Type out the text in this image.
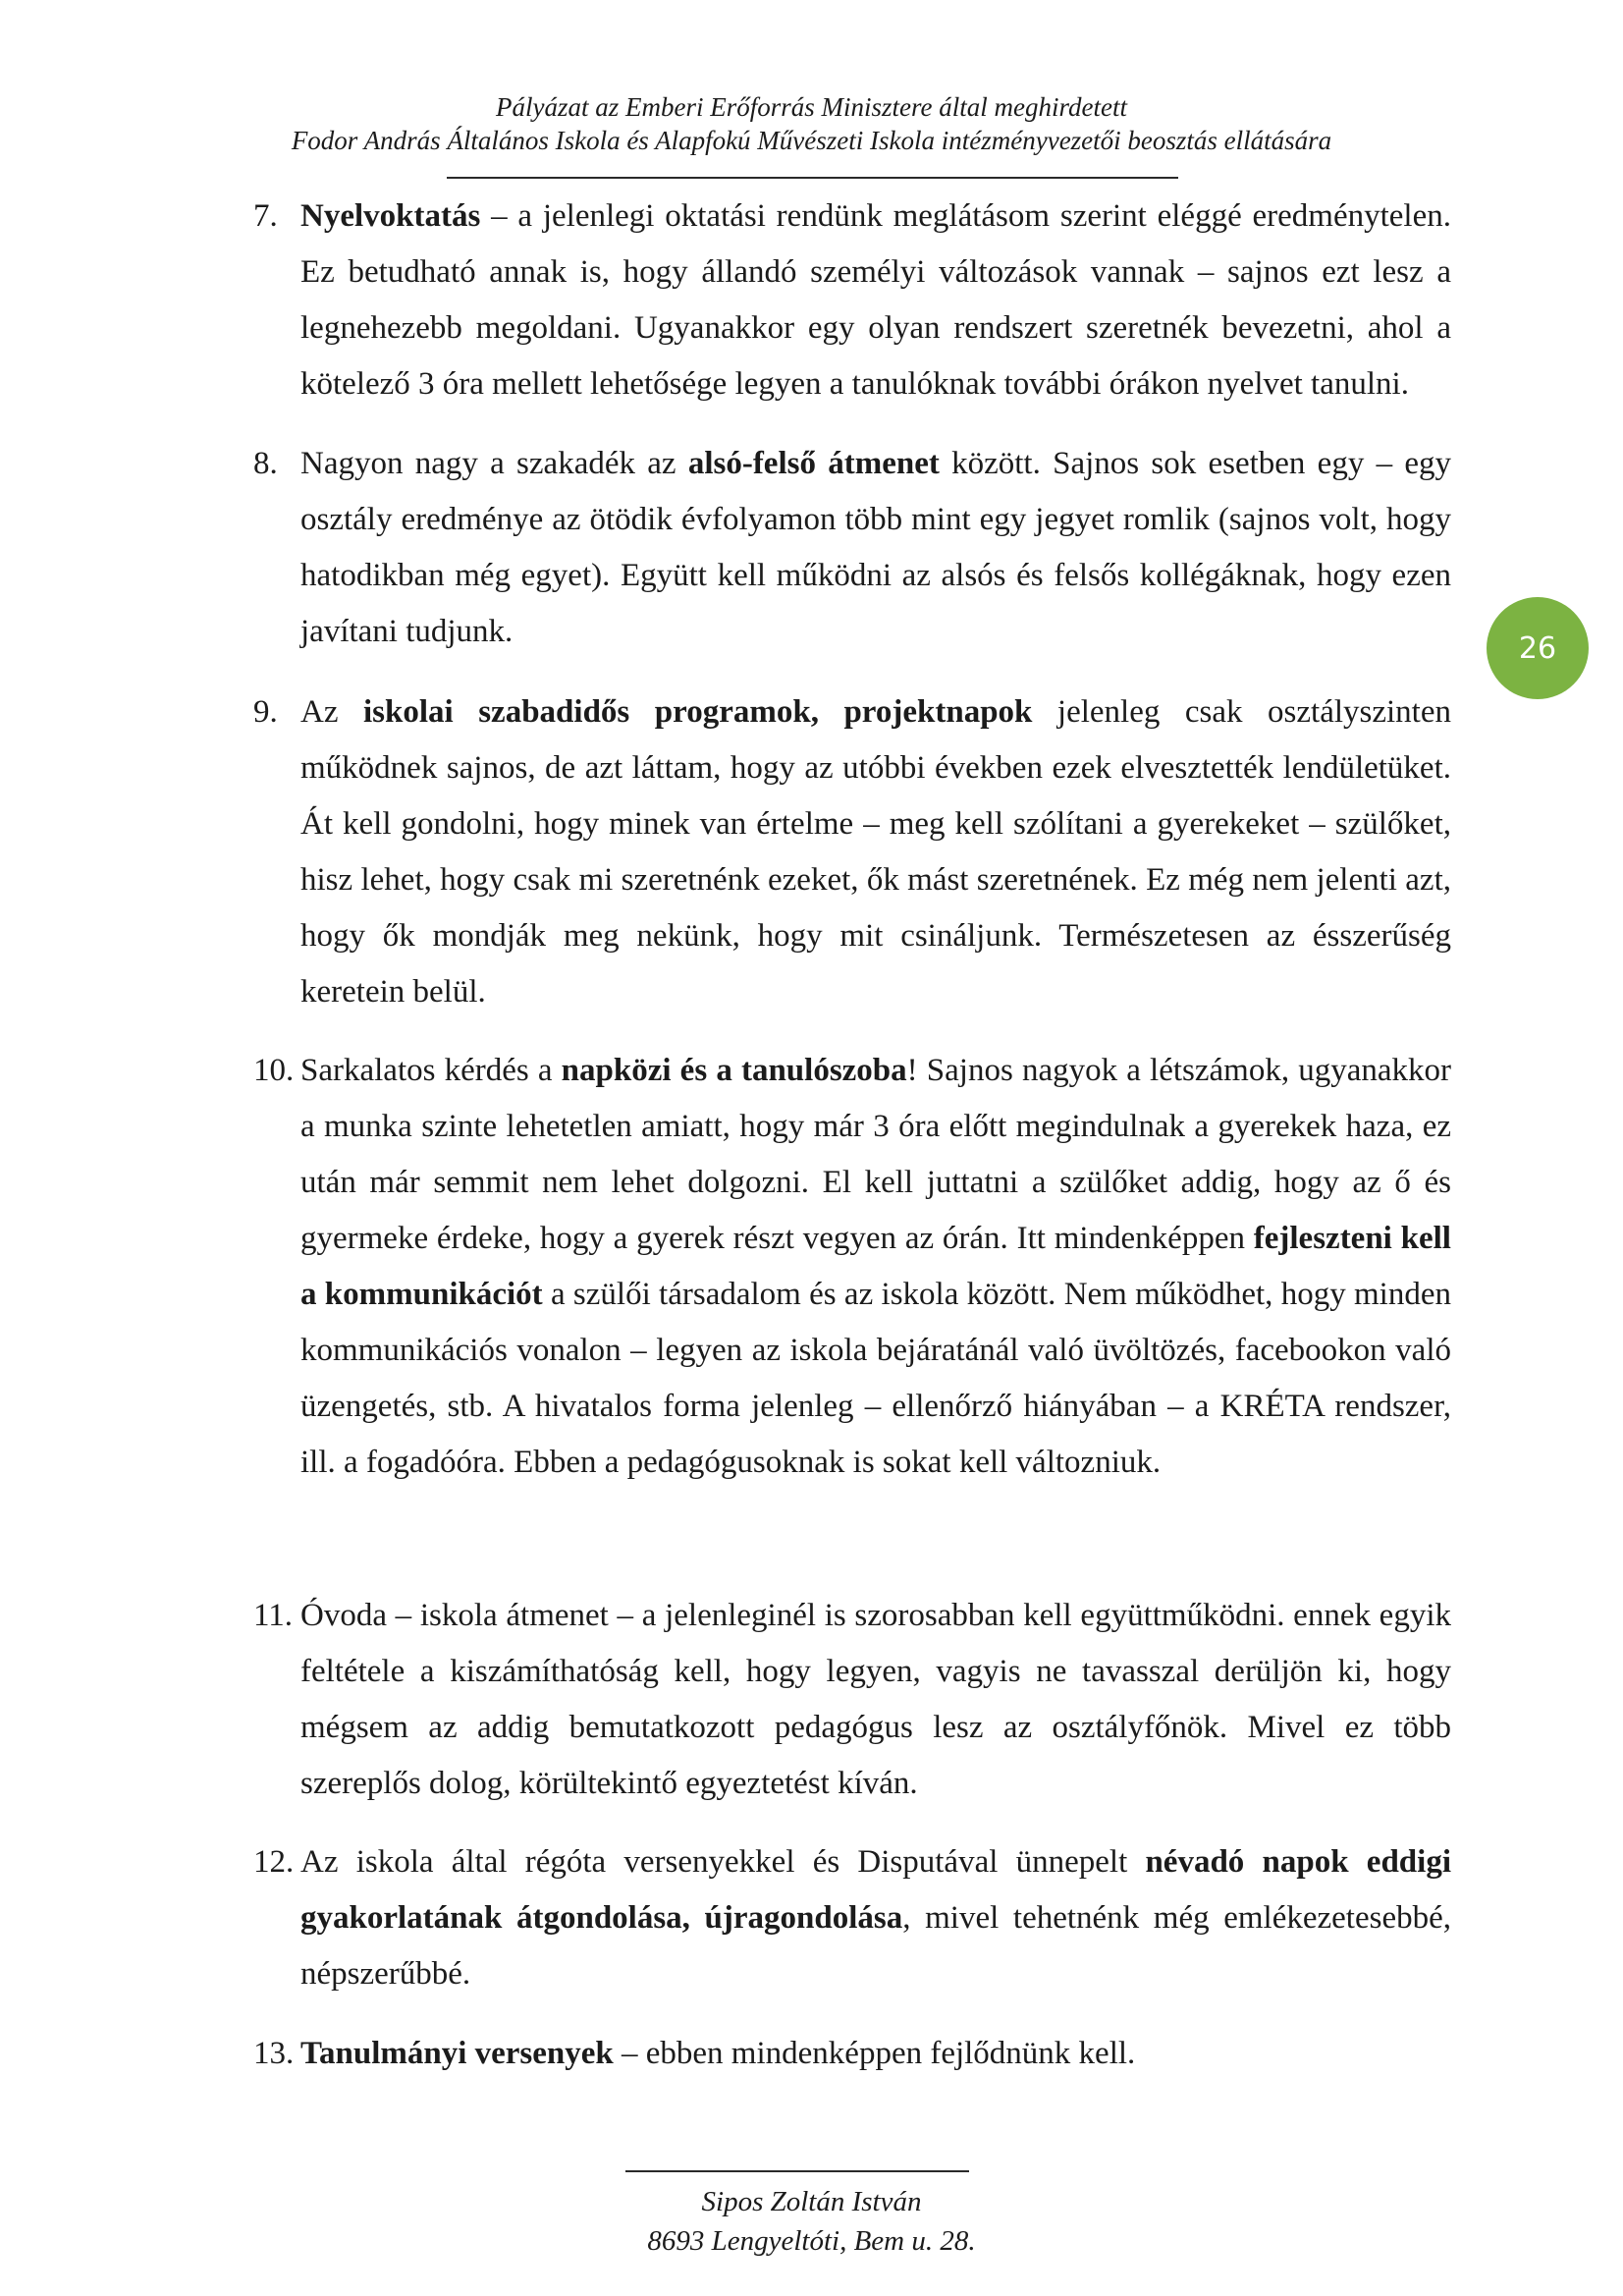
Pályázat az Emberi Erőforrás Minisztere által meghirdetett
Fodor András Általános Iskola és Alapfokú Művészeti Iskola intézményvezetői beosztás ellátására
7. Nyelvoktatás – a jelenlegi oktatási rendünk meglátásom szerint eléggé eredménytelen. Ez betudható annak is, hogy állandó személyi változások vannak – sajnos ezt lesz a legnehezebb megoldani. Ugyanakkor egy olyan rendszert szeretnék bevezetni, ahol a kötelező 3 óra mellett lehetősége legyen a tanulóknak további órákon nyelvet tanulni.
8. Nagyon nagy a szakadék az alsó-felső átmenet között. Sajnos sok esetben egy – egy osztály eredménye az ötödik évfolyamon több mint egy jegyet romlik (sajnos volt, hogy hatodikban még egyet). Együtt kell működni az alsós és felsős kollégáknak, hogy ezen javítani tudjunk.
9. Az iskolai szabadidős programok, projektnapok jelenleg csak osztályszinten működnek sajnos, de azt láttam, hogy az utóbbi években ezek elvesztették lendületüket. Át kell gondolni, hogy minek van értelme – meg kell szólítani a gyerekeket – szülőket, hisz lehet, hogy csak mi szeretnénk ezeket, ők mást szeretnének. Ez még nem jelenti azt, hogy ők mondják meg nekünk, hogy mit csináljunk. Természetesen az ésszerűség keretein belül.
10. Sarkalatos kérdés a napközi és a tanulószoba! Sajnos nagyok a létszámok, ugyanakkor a munka szinte lehetetlen amiatt, hogy már 3 óra előtt megindulnak a gyerekek haza, ez után már semmit nem lehet dolgozni. El kell juttatni a szülőket addig, hogy az ő és gyermeke érdeke, hogy a gyerek részt vegyen az órán. Itt mindenképpen fejleszteni kell a kommunikációt a szülői társadalom és az iskola között. Nem működhet, hogy minden kommunikációs vonalon – legyen az iskola bejáratánál való üvöltözés, facebookon való üzengetés, stb. A hivatalos forma jelenleg – ellenőrző hiányában – a KRÉTA rendszer, ill. a fogadóóra. Ebben a pedagógusoknak is sokat kell változniuk.
11. Óvoda – iskola átmenet – a jelenleginél is szorosabban kell együttműködni. ennek egyik feltétele a kiszámíthatóság kell, hogy legyen, vagyis ne tavasszal derüljön ki, hogy mégsem az addig bemutatkozott pedagógus lesz az osztályfőnök. Mivel ez több szereplős dolog, körültekintő egyeztetést kíván.
12. Az iskola által régóta versenyekkel és Disputával ünnepelt névadó napok eddigi gyakorlatának átgondolása, újragondolása, mivel tehetnénk még emlékezetesebbé, népszerűbbé.
13. Tanulmányi versenyek – ebben mindenképpen fejlődnünk kell.
26
Sipos Zoltán István
8693 Lengyeltóti, Bem u. 28.
